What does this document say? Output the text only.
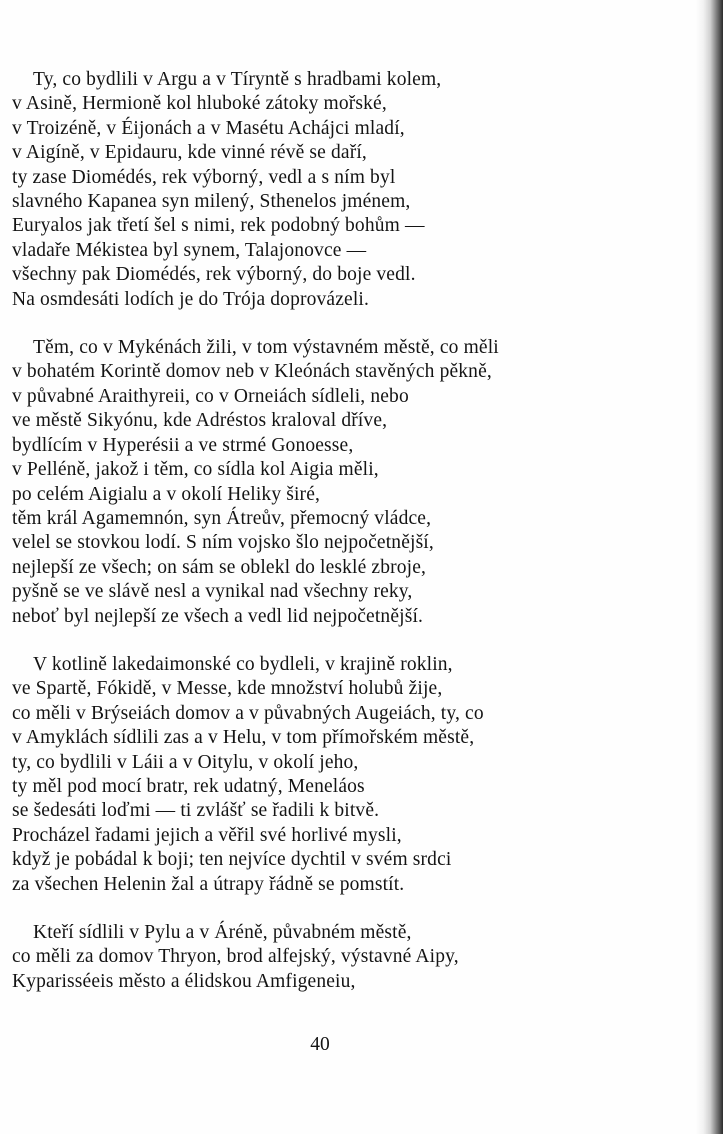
Ty, co bydlili v Argu a v Tíryntě s hradbami kolem,
v Asině, Hermioně kol hluboké zátoky mořské,
v Troizéně, v Éijonách a v Masétu Achájci mladí,
v Aigíně, v Epidauru, kde vinné révě se daří,
ty zase Diomédés, rek výborný, vedl a s ním byl
slavného Kapanea syn milený, Sthenelos jménem,
Euryalos jak třetí šel s nimi, rek podobný bohům —
vladaře Mékistea byl synem, Talajonovce —
všechny pak Diomédés, rek výborný, do boje vedl.
Na osmdesáti lodích je do Trója doprovázeli.
Těm, co v Mykénách žili, v tom výstavném městě, co měli
v bohatém Korintě domov neb v Kleónách stavěných pěkně,
v půvabné Araithyreii, co v Orneiách sídleli, nebo
ve městě Sikyónu, kde Adréstos kraloval dříve,
bydlícím v Hyperésii a ve strmé Gonoesse,
v Pelléně, jakož i těm, co sídla kol Aigia měli,
po celém Aigialu a v okolí Heliky širé,
těm král Agamemnón, syn Átreův, přemocný vládce,
velel se stovkou lodí. S ním vojsko šlo nejpočetnější,
nejlepší ze všech; on sám se oblekl do lesklé zbroje,
pyšně se ve slávě nesl a vynikal nad všechny reky,
neboť byl nejlepší ze všech a vedl lid nejpočetnější.
V kotlině lakedaimonské co bydleli, v krajině roklin,
ve Spartě, Fókidě, v Messe, kde množství holubů žije,
co měli v Brýseiách domov a v půvabných Augeiách, ty, co
v Amyklách sídlili zas a v Helu, v tom přímořském městě,
ty, co bydlili v Láii a v Oitylu, v okolí jeho,
ty měl pod mocí bratr, rek udatný, Meneláos
se šedesáti loďmi — ti zvlášť se řadili k bitvě.
Procházel řadami jejich a věřil své horlivé mysli,
když je pobádal k boji; ten nejvíce dychtil v svém srdci
za všechen Helenin žal a útrapy řádně se pomstít.
Kteří sídlili v Pylu a v Áréně, půvabném městě,
co měli za domov Thryon, brod alfejský, výstavné Aipy,
Kyparisséeis město a élidskou Amfigeneiu,
40
